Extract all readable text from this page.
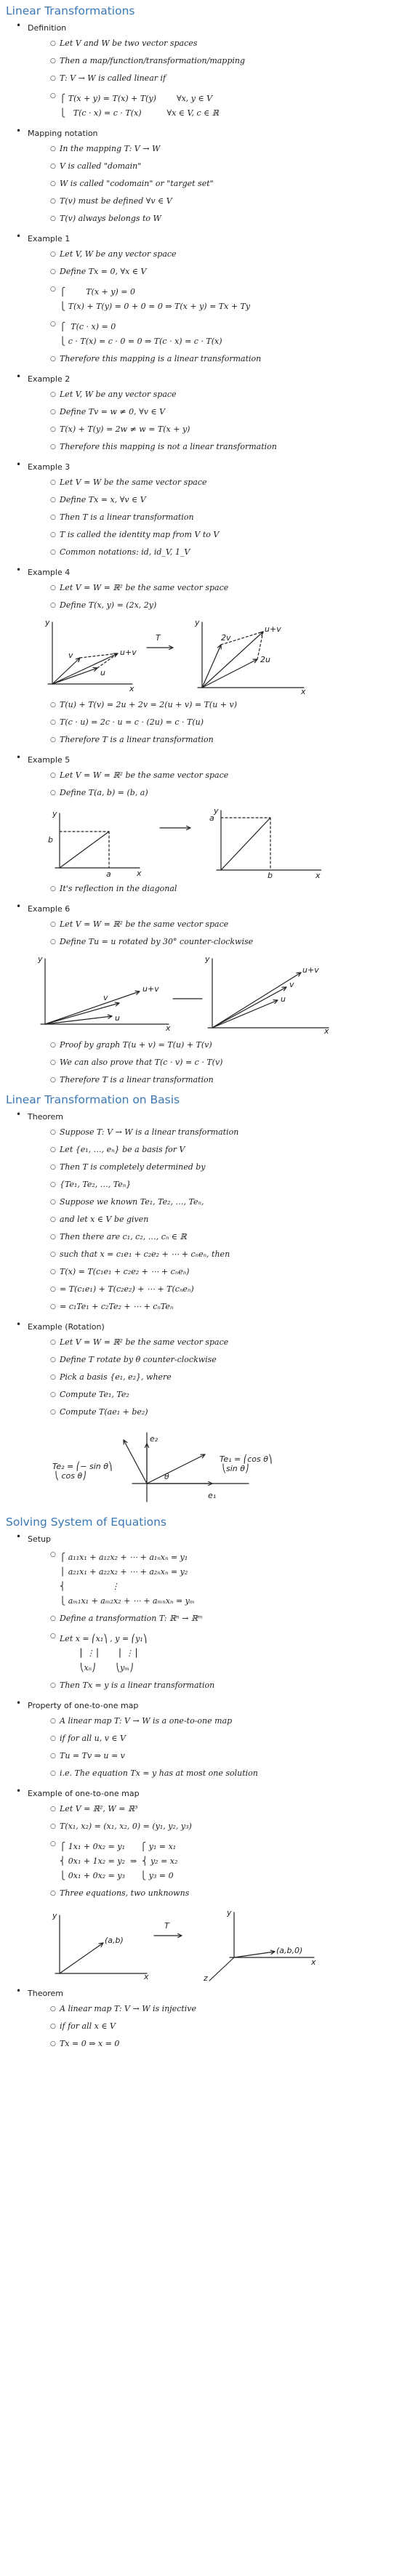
Linear Transformations
• Definition
○ Let V and W be two vector spaces
○ Then a map/function/transformation/mapping
○ T: V → W is called linear if
○ ⎧ T(x + y) = T(x) + T(y)        ∀x, y ∈ V
⎩   T(c · x) = c · T(x)          ∀x ∈ V, c ∈ ℝ
• Mapping notation
○ In the mapping T: V → W
○ V is called "domain"
○ W is called "codomain" or "target set"
○ T(v) must be defined ∀v ∈ V
○ T(v) always belongs to W
• Example 1
○ Let V, W be any vector space
○ Define Tx = 0, ∀x ∈ V
○ ⎧        T(x + y) = 0
⎩ T(x) + T(y) = 0 + 0 = 0 ⇒ T(x + y) = Tx + Ty
○ ⎧  T(c · x) = 0
⎩ c · T(x) = c · 0 = 0 ⇒ T(c · x) = c · T(x)
○ Therefore this mapping is a linear transformation
• Example 2
○ Let V, W be any vector space
○ Define Tv = w ≠ 0, ∀v ∈ V
○ T(x) + T(y) = 2w ≠ w = T(x + y)
○ Therefore this mapping is not a linear transformation
• Example 3
○ Let V = W be the same vector space
○ Define Tx = x, ∀v ∈ V
○ Then T is a linear transformation
○ T is called the identity map from V to V
○ Common notations: id, id_V, 1_V
• Example 4
○ Let V = W = ℝ² be the same vector space
○ Define T(x, y) = (2x, 2y)
y
u+v
u
v
x
T
y
u+v
2u
2v
x
○ T(u) + T(v) = 2u + 2v = 2(u + v) = T(u + v)
○ T(c · u) = 2c · u = c · (2u) = c · T(u)
○ Therefore T is a linear transformation
• Example 5
○ Let V = W = ℝ² be the same vector space
○ Define T(a, b) = (b, a)
y
b
a	x
y
a
b	x
○ It's reflection in the diagonal
• Example 6
○ Let V = W = ℝ² be the same vector space
○ Define Tu = u rotated by 30° counter-clockwise
y
u+v
v
u
x
y
u+v
v
u
x
○ Proof by graph T(u + v) = T(u) + T(v)
○ We can also prove that T(c · v) = c · T(v)
○ Therefore T is a linear transformation
Linear Transformation on Basis
• Theorem
○ Suppose T: V → W is a linear transformation
○ Let {e₁, …, eₙ} be a basis for V
○ Then T is completely determined by
○ {Te₁, Te₂, …, Teₙ}
○ Suppose we known Te₁, Te₂, …, Teₙ,
○ and let x ∈ V be given
○ Then there are c₁, c₂, …, cₙ ∈ ℝ
○ such that x = c₁e₁ + c₂e₂ + ⋯ + cₙeₙ, then
○ T(x) = T(c₁e₁ + c₂e₂ + ⋯ + cₙeₙ)
○ = T(c₁e₁) + T(c₂e₂) + ⋯ + T(cₙeₙ)
○ = c₁Te₁ + c₂Te₂ + ⋯ + cₙTeₙ
• Example (Rotation)
○ Let V = W = ℝ² be the same vector space
○ Define T rotate by θ counter-clockwise
○ Pick a basis {e₁, e₂}, where
○ Compute Te₁, Te₂
○ Compute T(ae₁ + be₂)
e₁
e₂
θ
Te₂ = ⎛− sin θ⎞ ⎝ cos θ⎠
Te₁ = ⎛cos θ⎞ ⎝sin θ⎠
Solving System of Equations
• Setup
○ ⎧ a₁₁x₁ + a₁₂x₂ + ⋯ + a₁ₙxₙ = y₁
⎪ a₂₁x₁ + a₂₂x₂ + ⋯ + a₂ₙxₙ = y₂
⎨                  ⋮
⎩ aₘ₁x₁ + aₘ₂x₂ + ⋯ + aₘₙxₙ = yₘ
○ Define a transformation T: ℝⁿ → ℝᵐ
○ Let x = ⎛x₁⎞ , y = ⎛y₁⎞
⎜ ⋮⎟        ⎜ ⋮⎟
⎝xₙ⎠        ⎝yₘ⎠
○ Then Tx = y is a linear transformation
• Property of one-to-one map
○ A linear map T: V → W is a one-to-one map
○ if for all u, v ∈ V
○ Tu = Tv ⇒ u = v
○ i.e. The equation Tx = y has at most one solution
• Example of one-to-one map
○ Let V = ℝ², W = ℝ³
○ T(x₁, x₂) = (x₁, x₂, 0) = (y₁, y₂, y₃)
○ ⎧ 1x₁ + 0x₂ = y₁      ⎧ y₁ = x₁
⎨ 0x₁ + 1x₂ = y₂  ⇒  ⎨ y₂ = x₂
⎩ 0x₁ + 0x₂ = y₃      ⎩ y₃ = 0
○ Three equations, two unknowns
y
(a,b)
x
T
y
(a,b,0)
x
z
• Theorem
○ A linear map T: V → W is injective
○ if for all x ∈ V
○ Tx = 0 ⇒ x = 0
